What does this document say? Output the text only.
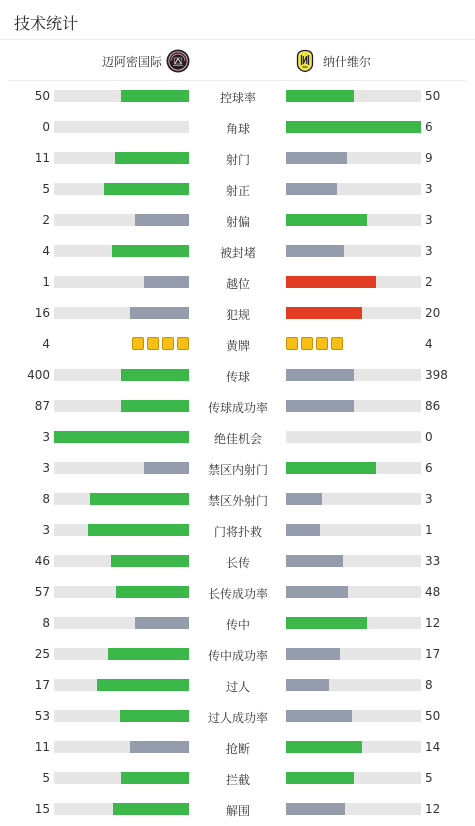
技术统计
迈阿密国际	纳什维尔
50	控球率	50
0	角球	6
11	射门	9
5	射正	3
2	射偏	3
4	被封堵	3
1	越位	2
16	犯规	20
4	黄牌	4
400	传球	398
87	传球成功率	86
3	绝佳机会	0
3	禁区内射门	6
8	禁区外射门	3
3	门将扑救	1
46	长传	33
57	长传成功率	48
8	传中	12
25	传中成功率	17
17	过人	8
53	过人成功率	50
11	抢断	14
5	拦截	5
15	解围	12
